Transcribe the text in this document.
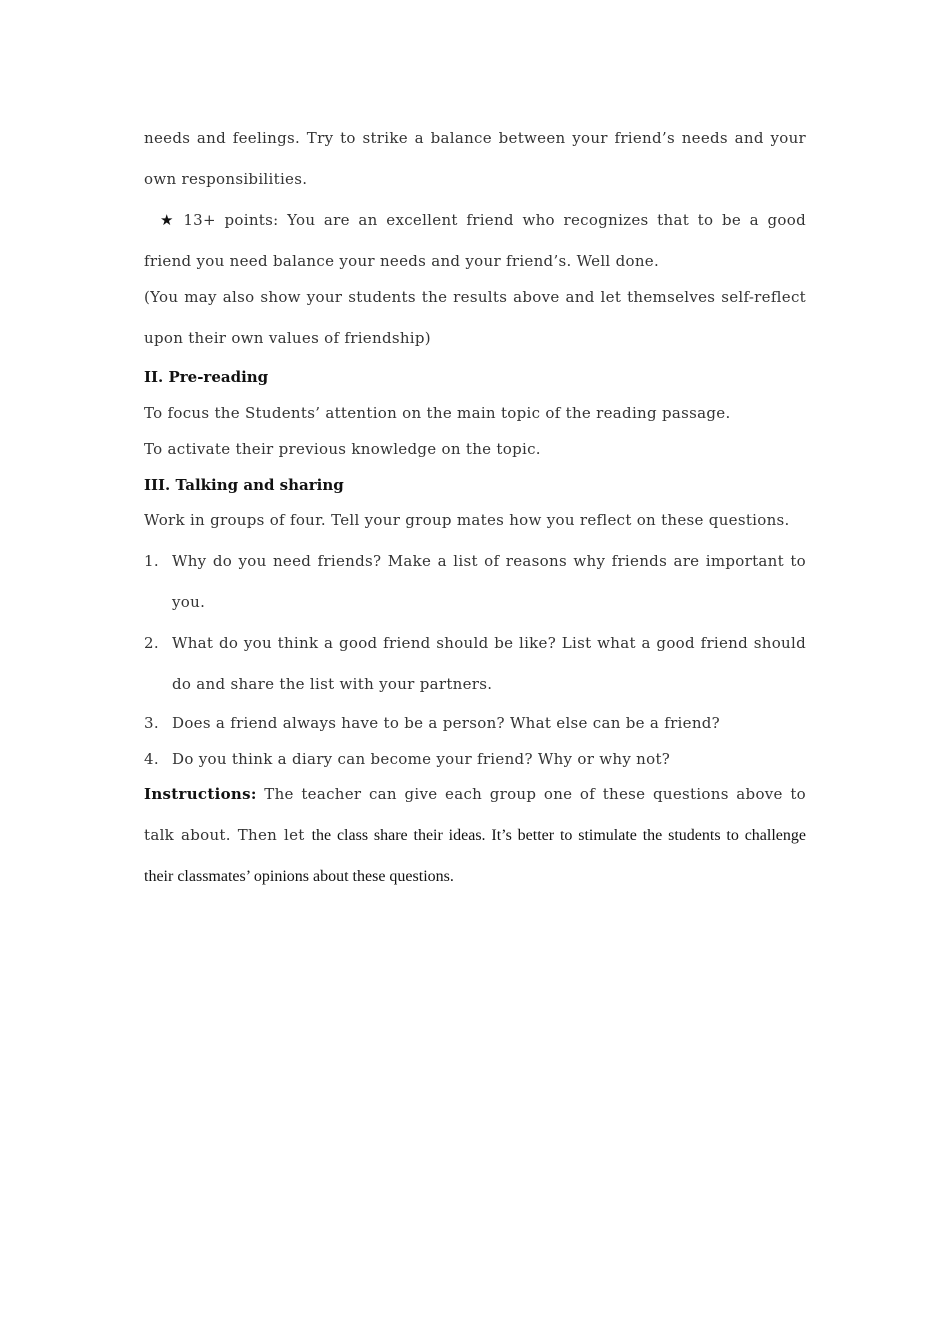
needs and feelings. Try to strike a balance between your friend’s needs and your own responsibilities.

★ 13+ points: You are an excellent friend who recognizes that to be a good friend you need balance your needs and your friend’s. Well done.

(You may also show your students the results above and let themselves self-reflect upon their own values of friendship)

II. Pre-reading

To focus the Students’ attention on the main topic of the reading passage.

To activate their previous knowledge on the topic.

III. Talking and sharing

Work in groups of four. Tell your group mates how you reflect on these questions.

1. Why do you need friends? Make a list of reasons why friends are important to you.
2. What do you think a good friend should be like? List what a good friend should do and share the list with your partners.
3. Does a friend always have to be a person? What else can be a friend?
4. Do you think a diary can become your friend? Why or why not?

Instructions: The teacher can give each group one of these questions above to talk about. Then let the class share their ideas. It’s better to stimulate the students to challenge their classmates’ opinions about these questions.
